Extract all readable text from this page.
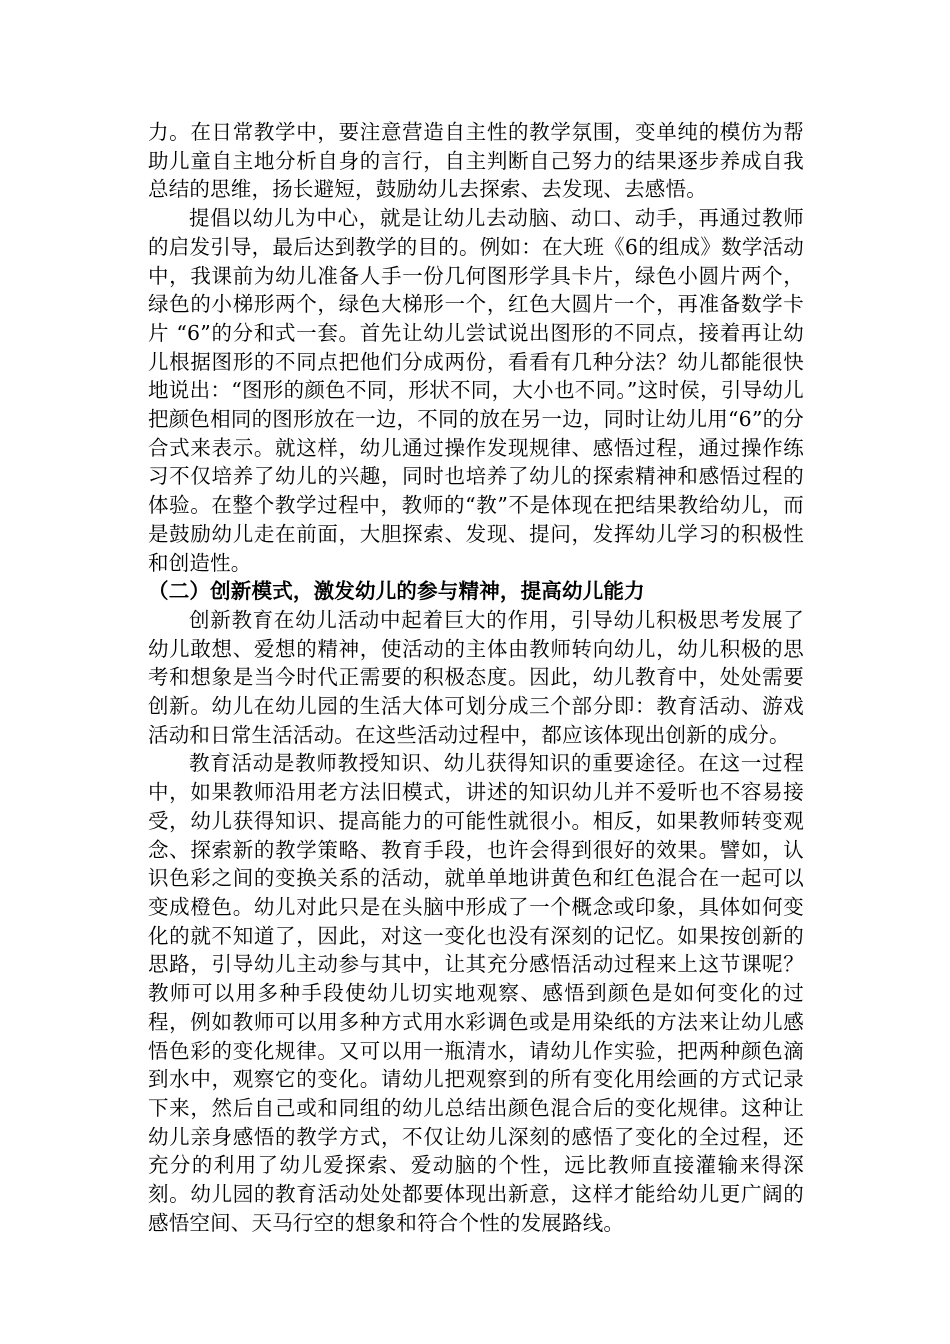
力。在日常教学中，要注意营造自主性的教学氛围，变单纯的模仿为帮助儿童自主地分析自身的言行，自主判断自己努力的结果逐步养成自我总结的思维，扬长避短，鼓励幼儿去探索、去发现、去感悟。

提倡以幼儿为中心，就是让幼儿去动脑、动口、动手，再通过教师的启发引导，最后达到教学的目的。例如：在大班《6的组成》数学活动中，我课前为幼儿准备人手一份几何图形学具卡片，绿色小圆片两个，绿色的小梯形两个，绿色大梯形一个，红色大圆片一个，再准备数学卡片 “6”的分和式一套。首先让幼儿尝试说出图形的不同点，接着再让幼儿根据图形的不同点把他们分成两份，看看有几种分法？幼儿都能很快地说出：“图形的颜色不同，形状不同，大小也不同。”这时侯，引导幼儿把颜色相同的图形放在一边，不同的放在另一边，同时让幼儿用“6”的分合式来表示。就这样，幼儿通过操作发现规律、感悟过程，通过操作练习不仅培养了幼儿的兴趣，同时也培养了幼儿的探索精神和感悟过程的体验。在整个教学过程中，教师的“教”不是体现在把结果教给幼儿，而是鼓励幼儿走在前面，大胆探索、发现、提问，发挥幼儿学习的积极性和创造性。

（二）创新模式，激发幼儿的参与精神，提高幼儿能力

创新教育在幼儿活动中起着巨大的作用，引导幼儿积极思考发展了幼儿敢想、爱想的精神，使活动的主体由教师转向幼儿，幼儿积极的思考和想象是当今时代正需要的积极态度。因此，幼儿教育中，处处需要创新。幼儿在幼儿园的生活大体可划分成三个部分即：教育活动、游戏活动和日常生活活动。在这些活动过程中，都应该体现出创新的成分。

教育活动是教师教授知识、幼儿获得知识的重要途径。在这一过程中，如果教师沿用老方法旧模式，讲述的知识幼儿并不爱听也不容易接受，幼儿获得知识、提高能力的可能性就很小。相反，如果教师转变观念、探索新的教学策略、教育手段，也许会得到很好的效果。譬如，认识色彩之间的变换关系的活动，就单单地讲黄色和红色混合在一起可以变成橙色。幼儿对此只是在头脑中形成了一个概念或印象，具体如何变化的就不知道了，因此，对这一变化也没有深刻的记忆。如果按创新的思路，引导幼儿主动参与其中，让其充分感悟活动过程来上这节课呢？教师可以用多种手段使幼儿切实地观察、感悟到颜色是如何变化的过程，例如教师可以用多种方式用水彩调色或是用染纸的方法来让幼儿感悟色彩的变化规律。又可以用一瓶清水，请幼儿作实验，把两种颜色滴到水中，观察它的变化。请幼儿把观察到的所有变化用绘画的方式记录下来，然后自己或和同组的幼儿总结出颜色混合后的变化规律。这种让幼儿亲身感悟的教学方式，不仅让幼儿深刻的感悟了变化的全过程，还充分的利用了幼儿爱探索、爱动脑的个性，远比教师直接灌输来得深刻。幼儿园的教育活动处处都要体现出新意，这样才能给幼儿更广阔的感悟空间、天马行空的想象和符合个性的发展路线。
